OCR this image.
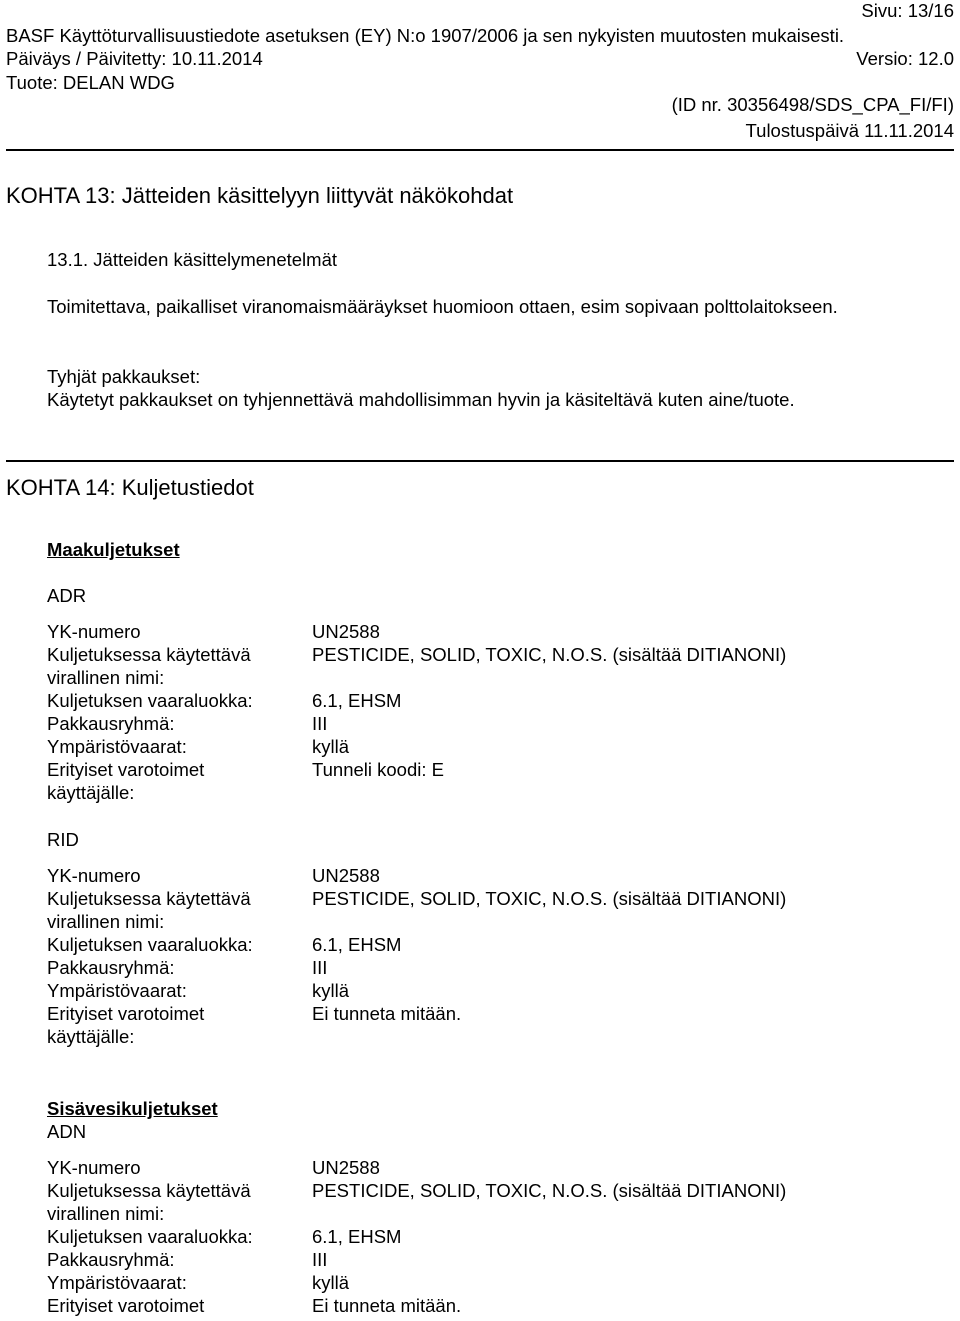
Sivu: 13/16
BASF Käyttöturvallisuustiedote asetuksen (EY) N:o 1907/2006 ja sen nykyisten muutosten mukaisesti.
Päiväys / Päivitetty: 10.11.2014	Versio: 12.0
Tuote: DELAN WDG
(ID nr. 30356498/SDS_CPA_FI/FI)
Tulostuspäivä 11.11.2014
KOHTA 13: Jätteiden käsittelyyn liittyvät näkökohdat
13.1. Jätteiden käsittelymenetelmät
Toimitettava, paikalliset viranomaismääräykset huomioon ottaen, esim sopivaan polttolaitokseen.
Tyhjät pakkaukset:
Käytetyt pakkaukset on tyhjennettävä mahdollisimman hyvin ja käsiteltävä kuten aine/tuote.
KOHTA 14: Kuljetustiedot
Maakuljetukset
ADR
YK-numero	UN2588
Kuljetuksessa käytettävä	PESTICIDE, SOLID, TOXIC, N.O.S. (sisältää DITIANONI)
virallinen nimi:
Kuljetuksen vaaraluokka:	6.1, EHSM
Pakkausryhmä:	III
Ympäristövaarat:	kyllä
Erityiset varotoimet	Tunneli koodi: E
käyttäjälle:
RID
YK-numero	UN2588
Kuljetuksessa käytettävä	PESTICIDE, SOLID, TOXIC, N.O.S. (sisältää DITIANONI)
virallinen nimi:
Kuljetuksen vaaraluokka:	6.1, EHSM
Pakkausryhmä:	III
Ympäristövaarat:	kyllä
Erityiset varotoimet	Ei tunneta mitään.
käyttäjälle:
Sisävesikuljetukset
ADN
YK-numero	UN2588
Kuljetuksessa käytettävä	PESTICIDE, SOLID, TOXIC, N.O.S. (sisältää DITIANONI)
virallinen nimi:
Kuljetuksen vaaraluokka:	6.1, EHSM
Pakkausryhmä:	III
Ympäristövaarat:	kyllä
Erityiset varotoimet	Ei tunneta mitään.
